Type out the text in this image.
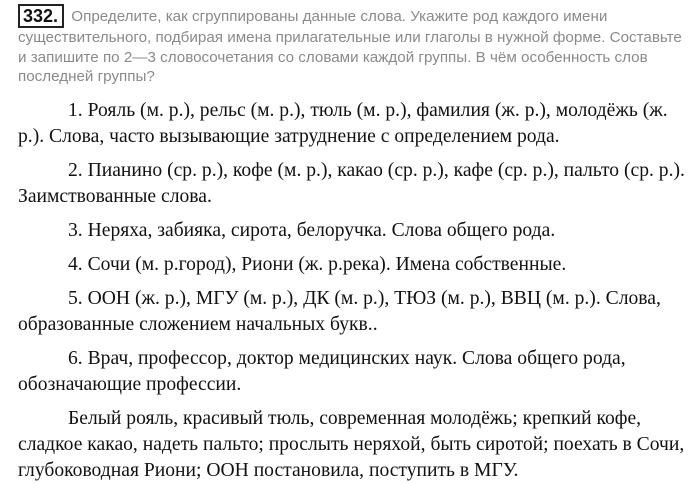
332. Определите, как сгруппированы данные слова. Укажите род каждого имени существительного, подбирая имена прилагательные или глаголы в нужной форме. Составьте и запишите по 2—3 словосочетания со словами каждой группы. В чём особенность слов последней группы?

1. Рояль (м. р.), рельс (м. р.), тюль (м. р.), фамилия (ж. р.), молодёжь (ж. р.). Слова, часто вызывающие затруднение с определением рода.

2. Пианино (ср. р.), кофе (м. р.), какао (ср. р.), кафе (ср. р.), пальто (ср. р.). Заимствованные слова.

3. Неряха, забияка, сирота, белоручка. Слова общего рода.

4. Сочи (м. р.город), Риони (ж. р.река). Имена собственные.

5. ООН (ж. р.), МГУ (м. р.), ДК (м. р.), ТЮЗ (м. р.), ВВЦ (м. р.). Слова, образованные сложением начальных букв..

6. Врач, профессор, доктор медицинских наук. Слова общего рода, обозначающие профессии.

Белый рояль, красивый тюль, современная молодёжь; крепкий кофе, сладкое какао, надеть пальто; прослыть неряхой, быть сиротой; поехать в Сочи, глубоководная Риони; ООН постановила, поступить в МГУ.
